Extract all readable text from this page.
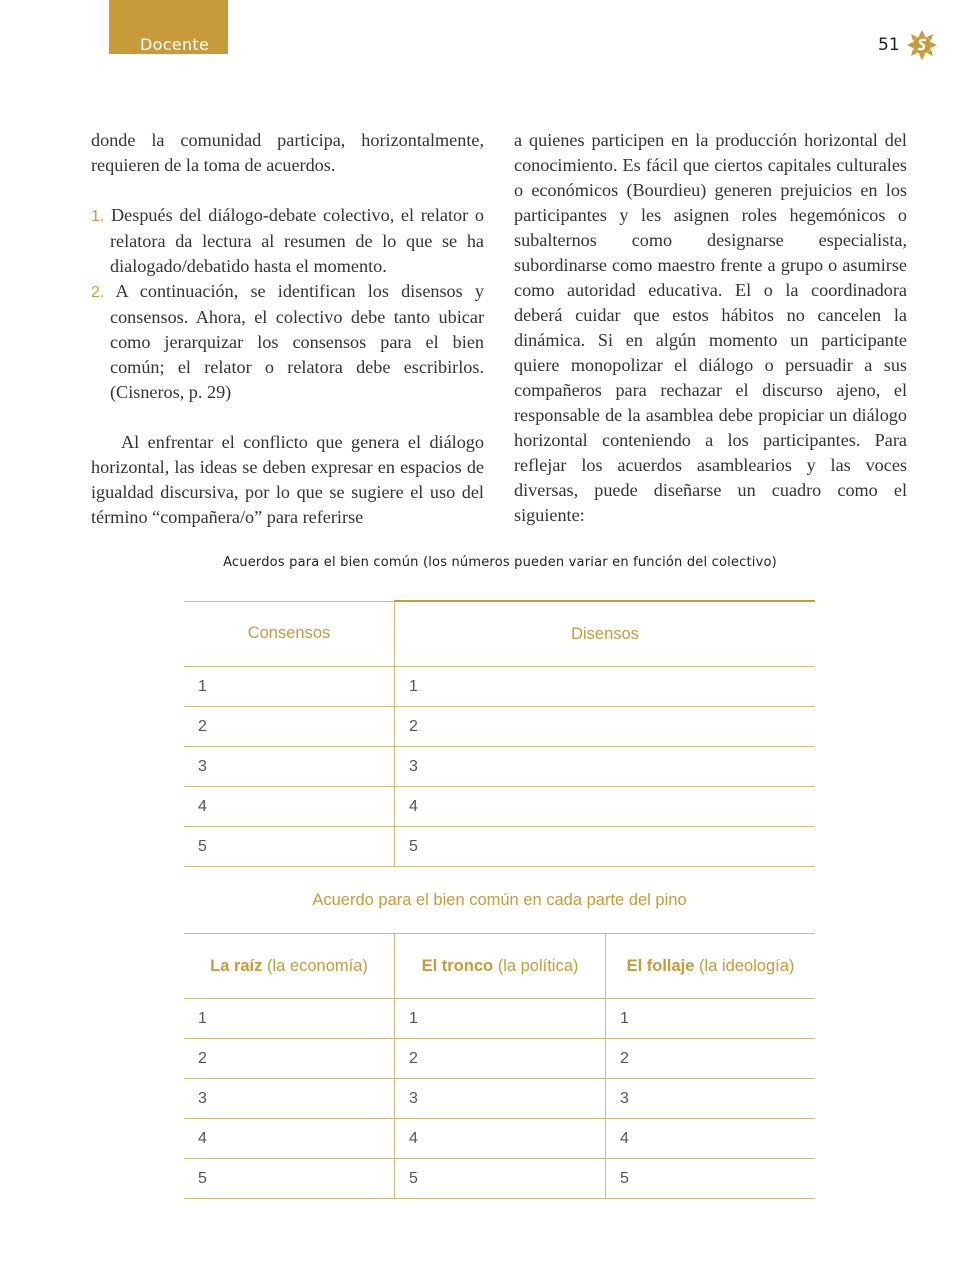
Docente	51

donde la comunidad participa, horizontalmente, requieren de la toma de acuerdos.

1. Después del diálogo-debate colectivo, el relator o relatora da lectura al resumen de lo que se ha dialogado/debatido hasta el momento.

2. A continuación, se identifican los disensos y consensos. Ahora, el colectivo debe tanto ubicar como jerarquizar los consensos para el bien común; el relator o relatora debe escribirlos. (Cisneros, p. 29)

Al enfrentar el conflicto que genera el diálogo horizontal, las ideas se deben expresar en espacios de igualdad discursiva, por lo que se sugiere el uso del término “compañera/o” para referirse

a quienes participen en la producción horizontal del conocimiento. Es fácil que ciertos capitales culturales o económicos (Bourdieu) generen prejuicios en los participantes y les asignen roles hegemónicos o subalternos como designarse especialista, subordinarse como maestro frente a grupo o asumirse como autoridad educativa. El o la coordinadora deberá cuidar que estos hábitos no cancelen la dinámica. Si en algún momento un participante quiere monopolizar el diálogo o persuadir a sus compañeros para rechazar el discurso ajeno, el responsable de la asamblea debe propiciar un diálogo horizontal conteniendo a los participantes. Para reflejar los acuerdos asamblearios y las voces diversas, puede diseñarse un cuadro como el siguiente:

Acuerdos para el bien común (los números pueden variar en función del colectivo)
Consensos	Disensos
1	1
2	2
3	3
4	4
5	5
Acuerdo para el bien común en cada parte del pino
La raíz (la economía)	El tronco (la política)	El follaje (la ideología)
1	1	1
2	2	2
3	3	3
4	4	4
5	5	5
